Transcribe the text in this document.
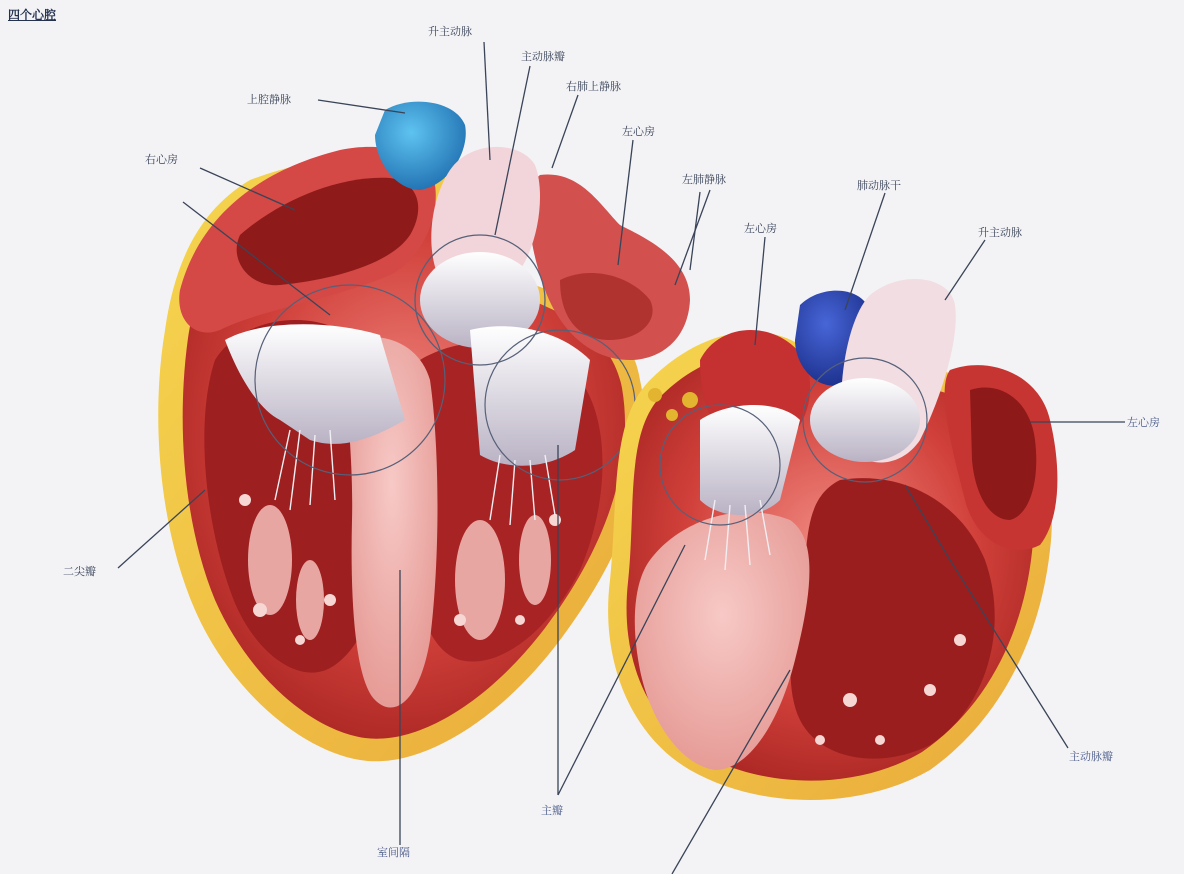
四个心腔
上腔静脉
升主动脉
主动脉瓣
右肺上静脉
左心房
右心房
左肺静脉
左心房
肺动脉干
升主动脉
左心房
二尖瓣
室间隔
主瓣
主动脉瓣
